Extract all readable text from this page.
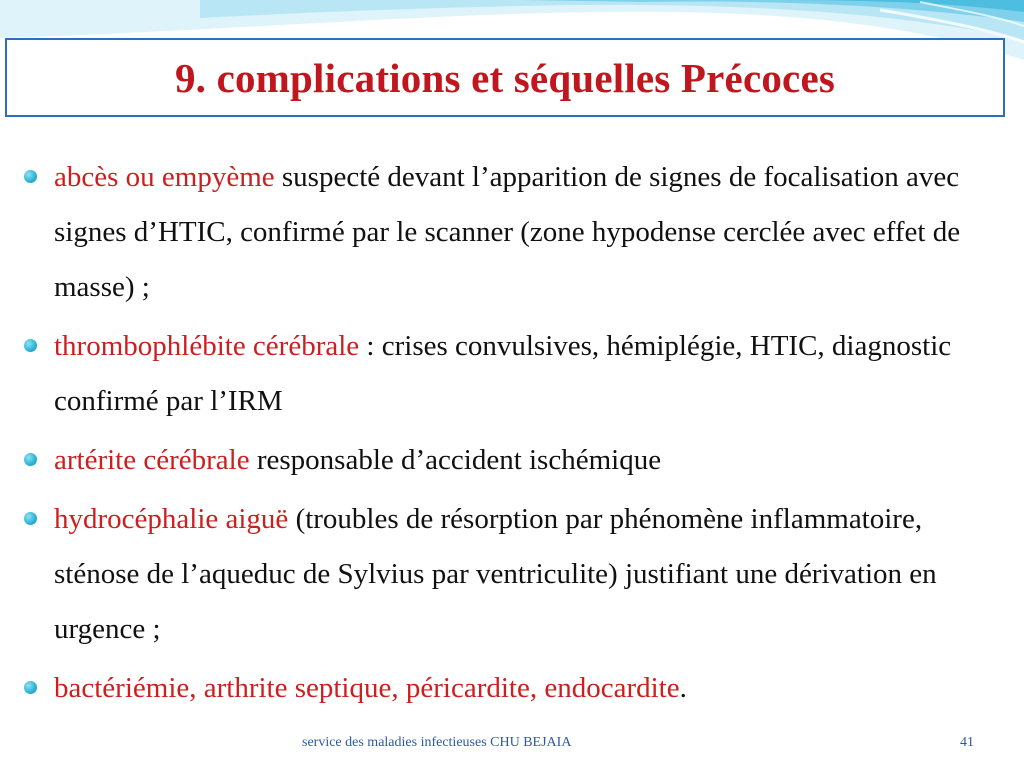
9. complications et séquelles Précoces
abcès ou empyème suspecté devant l’apparition de signes de focalisation avec signes d’HTIC, confirmé par le scanner (zone hypodense cerclée avec effet de masse) ;
thrombophlébite cérébrale : crises convulsives, hémiplégie, HTIC, diagnostic confirmé par l’IRM
artérite cérébrale responsable d’accident ischémique
hydrocéphalie aiguë (troubles de résorption par phénomène inflammatoire, sténose de l’aqueduc de Sylvius par ventriculite) justifiant une dérivation en urgence ;
bactériémie, arthrite septique, péricardite, endocardite.
service des maladies infectieuses CHU BEJAIA	41
